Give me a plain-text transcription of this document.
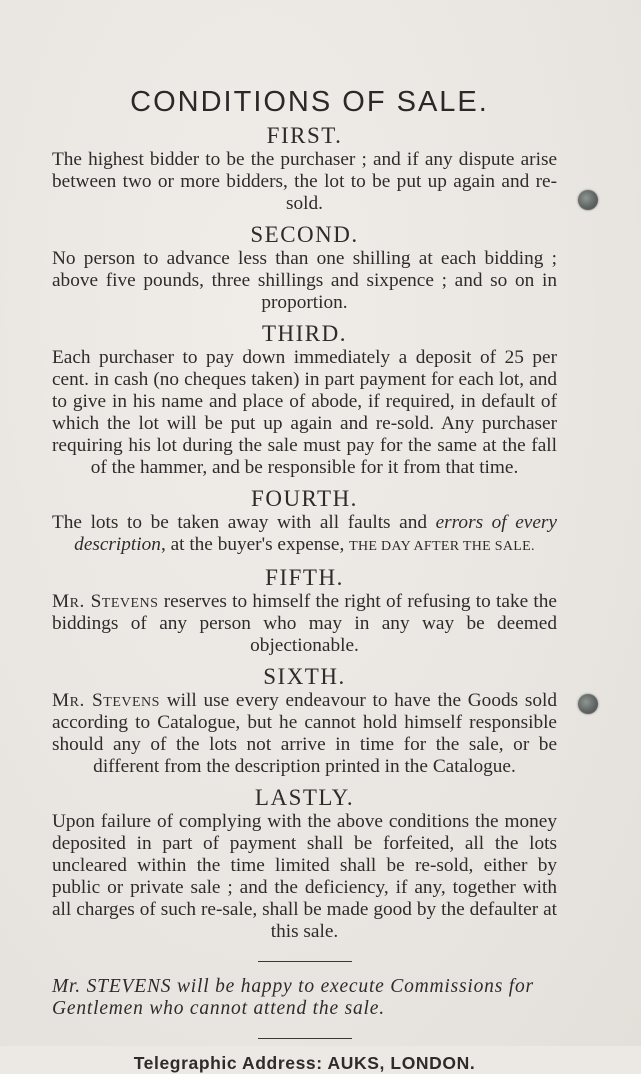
CONDITIONS OF SALE.
FIRST.

The highest bidder to be the purchaser ; and if any dispute arise between two or more bidders, the lot to be put up again and re-sold.

SECOND.

No person to advance less than one shilling at each bidding ; above five pounds, three shillings and sixpence ; and so on in proportion.

THIRD.

Each purchaser to pay down immediately a deposit of 25 per cent. in cash (no cheques taken) in part payment for each lot, and to give in his name and place of abode, if required, in default of which the lot will be put up again and re-sold. Any purchaser requiring his lot during the sale must pay for the same at the fall of the hammer, and be responsible for it from that time.

FOURTH.

The lots to be taken away with all faults and errors of every description, at the buyer's expense, THE DAY AFTER THE SALE.

FIFTH.

Mr. Stevens reserves to himself the right of refusing to take the biddings of any person who may in any way be deemed objectionable.

SIXTH.

Mr. Stevens will use every endeavour to have the Goods sold according to Catalogue, but he cannot hold himself responsible should any of the lots not arrive in time for the sale, or be different from the description printed in the Catalogue.

LASTLY.

Upon failure of complying with the above conditions the money deposited in part of payment shall be forfeited, all the lots uncleared within the time limited shall be re-sold, either by public or private sale ; and the deficiency, if any, together with all charges of such re-sale, shall be made good by the defaulter at this sale.

Mr. STEVENS will be happy to execute Commissions for Gentlemen who cannot attend the sale.

Telegraphic Address: AUKS, LONDON.
